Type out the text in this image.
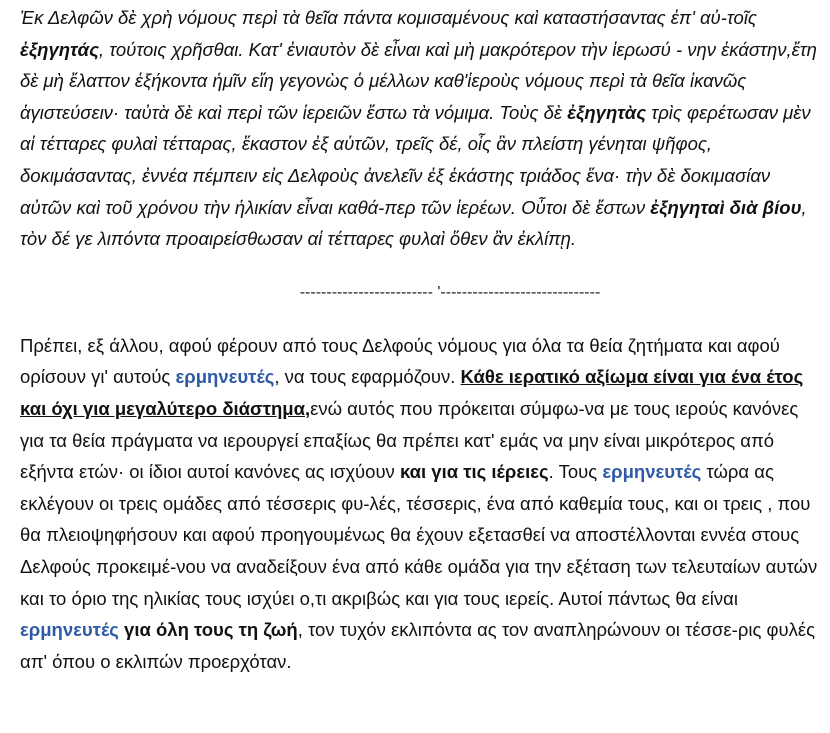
Ἐκ Δελφῶν δὲ χρὴ νόμους περὶ τὰ θεῖα πάντα κομισαμένους καὶ καταστήσαντας ἐπ' αὐ-τοῖς ἐξηγητάς, τούτοις χρῆσθαι. Κατ' ἐνιαυτὸν δὲ εἶναι καὶ μὴ μακρότερον τὴν ἱερωσύ - νην ἑκάστην,ἔτη δὲ μὴ ἔλαττον ἑξήκοντα ἡμῖν εἴη γεγονὼς ὁ μέλλων καθ'ἱεροὺς νόμους περὶ τὰ θεῖα ἱκανῶς ἁγιστεύσειν· ταὐτὰ δὲ καὶ περὶ τῶν ἱερειῶν ἔστω τὰ νόμιμα. Τοὺς δὲ ἐξηγητὰς τρὶς φερέτωσαν μὲν αἱ τέτταρες φυλαὶ τέτταρας, ἕκαστον ἐξ αὑτῶν, τρεῖς δέ, οἷς ἂν πλείστη γένηται ψῆφος, δοκιμάσαντας, ἐννέα πέμπειν εἰς Δελφοὺς ἀνελεῖν ἐξ ἑκάστης τριάδος ἕνα· τὴν δὲ δοκιμασίαν αὐτῶν καὶ τοῦ χρόνου τὴν ἡλικίαν εἶναι καθά-περ τῶν ἱερέων. Οὗτοι δὲ ἔστων ἐξηγηταὶ διὰ βίου, τὸν δέ γε λιπόντα προαιρείσθωσαν αἱ τέτταρες φυλαὶ ὅθεν ἂν ἐκλίπῃ.

------------------------- '------------------------------

Πρέπει, εξ άλλου, αφού φέρουν από τους Δελφούς νόμους για όλα τα θεία ζητήματα και αφού ορίσουν γι' αυτούς ερμηνευτές, να τους εφαρμόζουν. Κάθε ιερατικό αξίωμα είναι για ένα έτος και όχι για μεγαλύτερο διάστημα,ενώ αυτός που πρόκειται σύμφω-να με τους ιερούς κανόνες για τα θεία πράγματα να ιερουργεί επαξίως θα πρέπει κατ' εμάς να μην είναι μικρότερος από εξήντα ετών· οι ίδιοι αυτοί κανόνες ας ισχύουν και για τις ιέρειες. Τους ερμηνευτές τώρα ας εκλέγουν οι τρεις ομάδες από τέσσερις φυ-λές, τέσσερις, ένα από καθεμία τους, και οι τρεις , που θα πλειοψηφήσουν και αφού προηγουμένως θα έχουν εξετασθεί να αποστέλλονται εννέα στους Δελφούς προκειμέ-νου να αναδείξουν ένα από κάθε ομάδα για την εξέταση των τελευταίων αυτών και το όριο της ηλικίας τους ισχύει ο,τι ακριβώς και για τους ιερείς. Αυτοί πάντως θα είναι ερμηνευτές για όλη τους τη ζωή, τον τυχόν εκλιπόντα ας τον αναπληρώνουν οι τέσσε-ρις φυλές απ' όπου ο εκλιπών προερχόταν.
